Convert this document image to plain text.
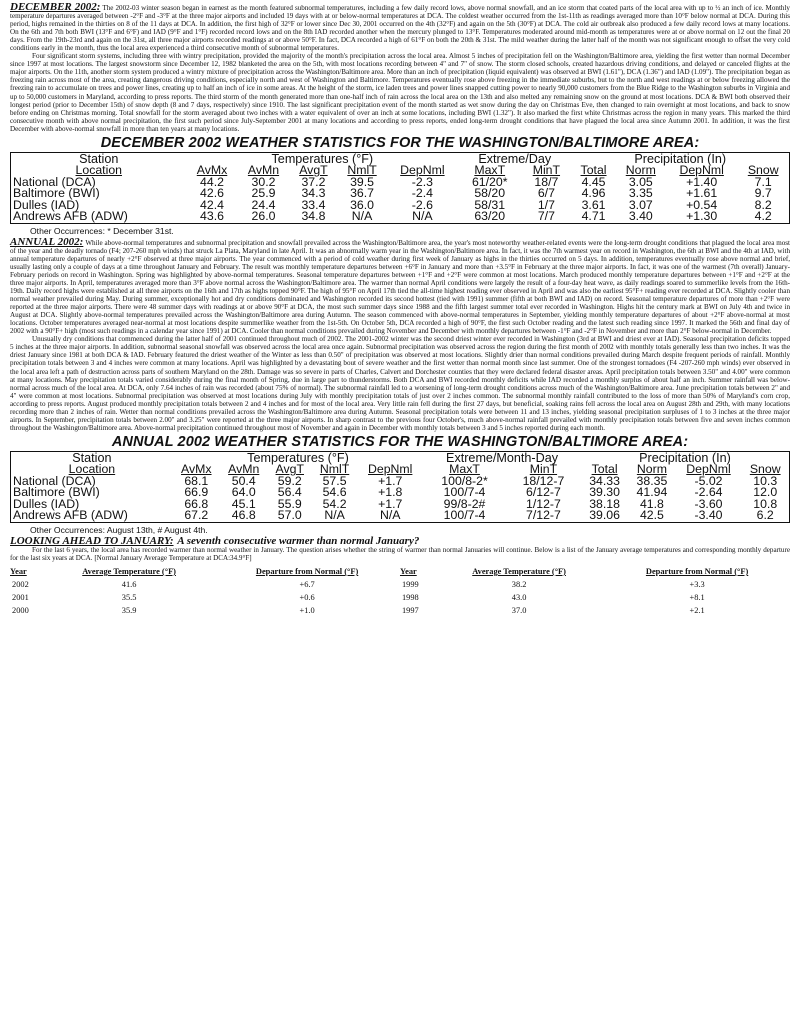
DECEMBER 2002: The 2002-03 winter season began in earnest as the month featured subnormal temperatures, including a few daily record lows, above normal snowfall, and an ice storm that coated parts of the local area with up to ½ an inch of ice. Monthly temperature departures averaged between -2°F and -3°F at the three major airports and included 19 days with at or below-normal temperatures at DCA. The coldest weather occurred from the 1st-11th as readings averaged more than 10°F below normal at DCA. During this period, highs remained in the thirties on 8 of the 11 days at DCA. In addition, the first high of 32°F or lower since Dec 30, 2001 occurred on the 4th (32°F) and again on the 5th (30°F) at DCA. The cold air outbreak also produced a few daily record lows at many locations. On the 6th and 7th both BWI (13°F and 6°F) and IAD (9°F and 1°F) recorded record lows and on the 8th IAD recorded another when the mercury plunged to 13°F. Temperatures moderated around mid-month as temperatures were at or above normal on 12 out the final 20 days. From the 19th-23rd and again on the 31st, all three major airports recorded readings at or above 50°F. In fact, DCA recorded a high of 61°F on both the 20th & 31st. The mild weather during the latter half of the month was not significant enough to offset the very cold conditions early in the month, thus the local area experienced a third consecutive month of subnormal temperatures.

Four significant storm systems, including three with wintry precipitation, provided the majority of the month's precipitation across the local area. Almost 5 inches of precipitation fell on the Washington/Baltimore area, yielding the first wetter than normal December since 1997 at most locations. The largest snowstorm since December 12, 1982 blanketed the area on the 5th, with most locations recording between 4" and 7" of snow. The storm closed schools, created hazardous driving conditions, and delayed or canceled flights at the major airports. On the 11th, another storm system produced a wintry mixture of precipitation across the Washington/Baltimore area. More than an inch of precipitation (liquid equivalent) was observed at BWI (1.61"), DCA (1.36") and IAD (1.09"). The precipitation began as freezing rain across most of the area, creating dangerous driving conditions, especially north and west of Washington and Baltimore. Temperatures eventually rose above freezing in the immediate suburbs, but to the north and west readings at or below freezing allowed the freezing rain to accumulate on trees and power lines, creating up to half an inch of ice in some areas. At the height of the storm, ice laden trees and power lines snapped cutting power to nearly 90,000 customers from the Blue Ridge to the Washington suburbs in Virginia and up to 50,000 customers in Maryland, according to press reports. The third storm of the month generated more than one-half inch of rain across the local area on the 13th and also melted any remaining snow on the ground at most locations. DCA & BWI both observed their longest period (prior to December 15th) of snow depth (8 and 7 days, respectively) since 1910. The last significant precipitation event of the month started as wet snow during the day on Christmas Eve, then changed to rain overnight at most locations, and back to snow before ending on Christmas morning. Total snowfall for the storm averaged about two inches with a water equivalent of over an inch at some locations, including BWI (1.32"). It also marked the first white Christmas across the region in many years. This marked the third consecutive month with above normal precipitation, the first such period since July-September 2001 at many locations and according to press reports, ended long-term drought conditions that have plagued the local area since Autumn 2001. In addition, it was the first December with above-normal snowfall in more than ten years at many locations.

DECEMBER 2002 WEATHER STATISTICS FOR THE WASHINGTON/BALTIMORE AREA:
Station	Temperatures (°F)					Extreme/Day		Precipitation (In)			
Location	AvMx	AvMn	AvgT	NmlT	DepNml	MaxT	MinT	Total	Norm	DepNml	Snow
National (DCA)	44.2	30.2	37.2	39.5	-2.3	61/20*	18/7	4.45	3.05	+1.40	7.1
Baltimore (BWI)	42.6	25.9	34.3	36.7	-2.4	58/20	6/7	4.96	3.35	+1.61	9.7
Dulles (IAD)	42.4	24.4	33.4	36.0	-2.6	58/31	1/7	3.61	3.07	+0.54	8.2
Andrews AFB (ADW)	43.6	26.0	34.8	N/A	N/A	63/20	7/7	4.71	3.40	+1.30	4.2
Other Occurrences: * December 31st.

ANNUAL 2002: While above-normal temperatures and subnormal precipitation and snowfall prevailed across the Washington/Baltimore area, the year's most noteworthy weather-related events were the long-term drought conditions that plagued the local area most of the year and the deadly tornado (F4; 207-260 mph winds) that struck La Plata, Maryland in late April. It was an abnormally warm year in the Washington/Baltimore area. In fact, it was the 7th warmest year on record in Washington, the 6th at BWI and the 4th at IAD, with annual temperature departures of nearly +2°F observed at three major airports. The year commenced with a period of cold weather during first week of January as highs in the thirties occurred on 5 days. In addition, temperatures eventually rose above normal and brief, usually lasting only a couple of days at a time throughout January and February. The result was monthly temperature departures between +6°F in January and more than +3.5°F in February at the three major airports. In fact, it was one of the warmest (7th overall) January-February periods on record in Washington. Spring was highlighted by above-normal temperatures. Seasonal temperature departures between +1°F and +2°F were common at most locations. March produced monthly temperature departures between +1°F and +2°F at the three major airports. In April, temperatures averaged more than 3°F above normal across the Washington/Baltimore area. The warmer than normal April conditions were largely the result of a four-day heat wave, as daily readings soared to summerlike levels from the 16th-19th. Daily record highs were established at all three airports on the 16th and 17th as highs topped 90°F. The high of 95°F on April 17th tied the all-time highest reading ever observed in April and was also the earliest 95°F+ reading ever recorded at DCA. Slightly cooler than normal weather prevailed during May. During summer, exceptionally hot and dry conditions dominated and Washington recorded its second hottest (tied with 1991) summer (fifth at both BWI and IAD) on record. Seasonal temperature departures of more than +2°F were reported at the three major airports. There were 48 summer days with readings at or above 90°F at DCA, the most such summer days since 1988 and the fifth largest summer total ever recorded in Washington. Highs hit the century mark at BWI on July 4th and twice in August at DCA. Slightly above-normal temperatures prevailed across the Washington/Baltimore area during Autumn. The season commenced with above-normal temperatures in September, yielding monthly temperature departures of about +2°F above-normal at most locations. October temperatures averaged near-normal at most locations despite summerlike weather from the 1st-5th. On October 5th, DCA recorded a high of 90°F, the first such October reading and the latest such reading since 1997. It marked the 56th and final day of 2002 with a 90°F+ high (most such readings in a calendar year since 1991) at DCA. Cooler than normal conditions prevailed during November and December with monthly departures between -1°F and -2°F in November and more than 2°F below-normal in December.

Unusually dry conditions that commenced during the latter half of 2001 continued throughout much of 2002. The 2001-2002 winter was the second driest winter ever recorded in Washington (3rd at BWI and driest ever at IAD). Seasonal precipitation deficits topped 5 inches at the three major airports. In addition, subnormal seasonal snowfall was observed across the local area once again. Subnormal precipitation was observed across the region during the first month of 2002 with monthly totals generally less than two inches. It was the driest January since 1981 at both DCA & IAD. February featured the driest weather of the Winter as less than 0.50" of precipitation was observed at most locations. Slightly drier than normal conditions prevailed during March despite frequent periods of rainfall. Monthly precipitation totals between 3 and 4 inches were common at many locations. April was highlighted by a devastating bout of severe weather and the first wetter than normal month since last summer. One of the strongest tornadoes (F4 -207-260 mph winds) ever observed in the local area left a path of destruction across parts of southern Maryland on the 28th. Damage was so severe in parts of Charles, Calvert and Dorchester counties that they were declared federal disaster areas. April precipitation totals between 3.50" and 4.00" were common at many locations. May precipitation totals varied considerably during the final month of Spring, due in large part to thunderstorms. Both DCA and BWI recorded monthly deficits while IAD recorded a monthly surplus of about half an inch. Summer rainfall was below-normal across much of the local area. At DCA, only 7.64 inches of rain was recorded (about 75% of normal). The subnormal rainfall led to a worsening of long-term drought conditions across much of the Washington/Baltimore area. June precipitation totals between 2" and 4" were common at most locations. Subnormal precipitation was observed at most locations during July with monthly precipitation totals of just over 2 inches common. The subnormal monthly rainfall contributed to the loss of more than 50% of Maryland's corn crop, according to press reports. August produced monthly precipitation totals between 2 and 4 inches and for most of the local area. Very little rain fell during the first 27 days, but beneficial, soaking rains fell across the local area on August 28th and 29th, with many locations recording more than 2 inches of rain. Wetter than normal conditions prevailed across the Washington/Baltimore area during Autumn. Seasonal precipitation totals were between 11 and 13 inches, yielding seasonal precipitation surpluses of 1 to 3 inches at the three major airports. In September, precipitation totals between 2.00" and 3.25" were reported at the three major airports. In sharp contrast to the previous four October's, much above-normal rainfall prevailed with monthly precipitation totals between five and seven inches common throughout the Washington/Baltimore area. Above-normal precipitation continued throughout most of November and again in December with monthly totals between 3 and 5 inches reported during each month.

ANNUAL 2002 WEATHER STATISTICS FOR THE WASHINGTON/BALTIMORE AREA:
Station	Temperatures (°F)					Extreme/Month-Day		Precipitation (In)			
Location	AvMx	AvMn	AvgT	NmlT	DepNml	MaxT	MinT	Total	Norm	DepNml	Snow
National (DCA)	68.1	50.4	59.2	57.5	+1.7	100/8-2*	18/12-7	34.33	38.35	-5.02	10.3
Baltimore (BWI)	66.9	64.0	56.4	54.6	+1.8	100/7-4	6/12-7	39.30	41.94	-2.64	12.0
Dulles (IAD)	66.8	45.1	55.9	54.2	+1.7	99/8-2#	1/12-7	38.18	41.8	-3.60	10.8
Andrews AFB (ADW)	67.2	46.8	57.0	N/A	N/A	100/7-4	7/12-7	39.06	42.5	-3.40	6.2
Other Occurrences: August 13th, # August 4th.

LOOKING AHEAD TO JANUARY: A seventh consecutive warmer than normal January?

For the last 6 years, the local area has recorded warmer than normal weather in January. The question arises whether the string of warmer than normal Januaries will continue. Below is a list of the January average temperatures and corresponding monthly departure for the last six years at DCA. [Normal January Average Temperature at DCA:34.9°F]

Year	Average Temperature (°F)	Departure from Normal (°F)	Year	Average Temperature (°F)	Departure from Normal (°F)
2002	41.6	+6.7	1999	38.2	+3.3
2001	35.5	+0.6	1998	43.0	+8.1
2000	35.9	+1.0	1997	37.0	+2.1
